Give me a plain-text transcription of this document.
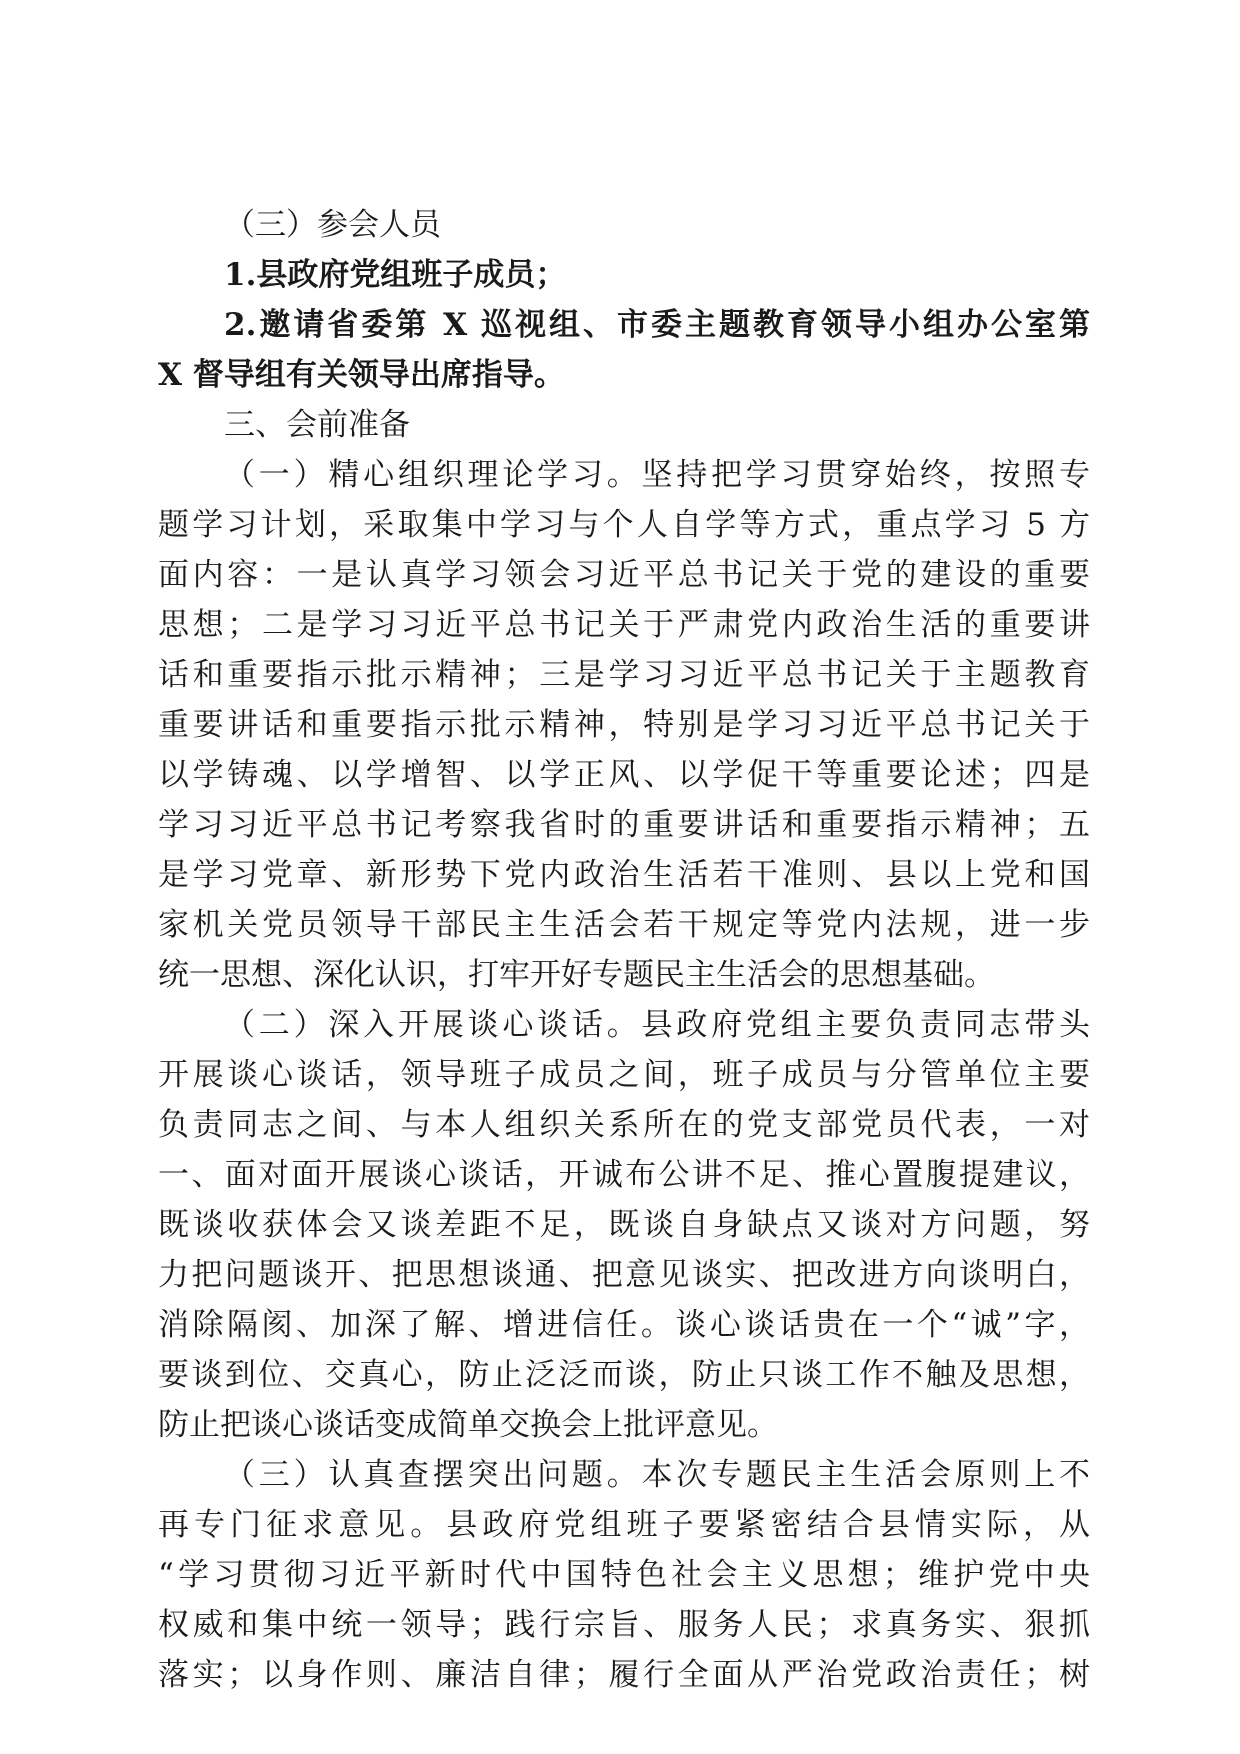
（三）参会人员
1.县政府党组班子成员；
2.邀请省委第 X 巡视组、市委主题教育领导小组办公室第
X 督导组有关领导出席指导。
三、会前准备
（一）精心组织理论学习。坚持把学习贯穿始终，按照专
题学习计划，采取集中学习与个人自学等方式，重点学习 5 方
面内容：一是认真学习领会习近平总书记关于党的建设的重要
思想；二是学习习近平总书记关于严肃党内政治生活的重要讲
话和重要指示批示精神；三是学习习近平总书记关于主题教育
重要讲话和重要指示批示精神，特别是学习习近平总书记关于
以学铸魂、以学增智、以学正风、以学促干等重要论述；四是
学习习近平总书记考察我省时的重要讲话和重要指示精神；五
是学习党章、新形势下党内政治生活若干准则、县以上党和国
家机关党员领导干部民主生活会若干规定等党内法规，进一步
统一思想、深化认识，打牢开好专题民主生活会的思想基础。
（二）深入开展谈心谈话。县政府党组主要负责同志带头
开展谈心谈话，领导班子成员之间，班子成员与分管单位主要
负责同志之间、与本人组织关系所在的党支部党员代表，一对
一、面对面开展谈心谈话，开诚布公讲不足、推心置腹提建议，
既谈收获体会又谈差距不足，既谈自身缺点又谈对方问题，努
力把问题谈开、把思想谈通、把意见谈实、把改进方向谈明白，
消除隔阂、加深了解、增进信任。谈心谈话贵在一个“诚”字，
要谈到位、交真心，防止泛泛而谈，防止只谈工作不触及思想，
防止把谈心谈话变成简单交换会上批评意见。
（三）认真查摆突出问题。本次专题民主生活会原则上不
再专门征求意见。县政府党组班子要紧密结合县情实际，从
“学习贯彻习近平新时代中国特色社会主义思想；维护党中央
权威和集中统一领导；践行宗旨、服务人民；求真务实、狠抓
落实；以身作则、廉洁自律；履行全面从严治党政治责任；树
